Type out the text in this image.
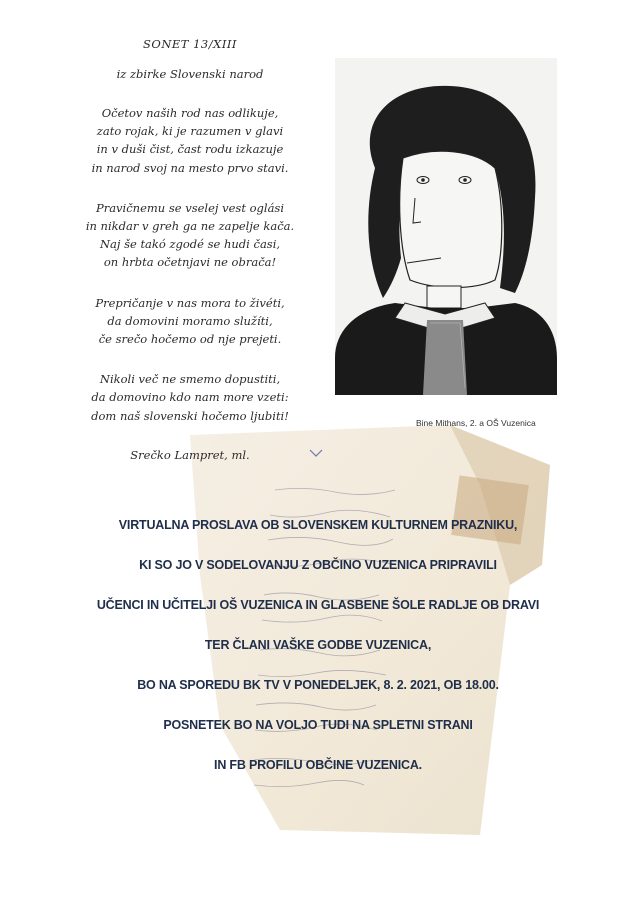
SONET 13/XIII
iz zbirke Slovenski narod
Očetov naših rod nas odlikuje,
zato rojak, ki je razumen v glavi
in v duši čist, čast rodu izkazuje
in narod svoj na mesto prvo stavi.
Pravičnemu se vselej vest oglási
in nikdar v greh ga ne zapelje kača.
Naj še takó zgodé se hudi časi,
on hrbta očetnjavi ne obrača!
Prepričanje v nas mora to živéti,
da domovini moramo služíti,
če srečo hočemo od nje prejeti.
Nikoli več ne smemo dopustiti,
da domovino kdo nam more vzeti:
dom naš slovenski hočemo ljubiti!
Srečko Lampret, ml.
Bine Mithans, 2. a OŠ Vuzenica
VIRTUALNA PROSLAVA OB SLOVENSKEM KULTURNEM PRAZNIKU,
KI SO JO V SODELOVANJU Z OBČINO VUZENICA PRIPRAVILI
UČENCI IN UČITELJI OŠ VUZENICA IN GLASBENE ŠOLE RADLJE OB DRAVI
TER ČLANI VAŠKE GODBE VUZENICA,
BO NA SPOREDU BK TV V PONEDELJEK, 8. 2. 2021, OB 18.00.
POSNETEK BO NA VOLJO TUDI NA SPLETNI STRANI
IN FB PROFILU OBČINE VUZENICA.
